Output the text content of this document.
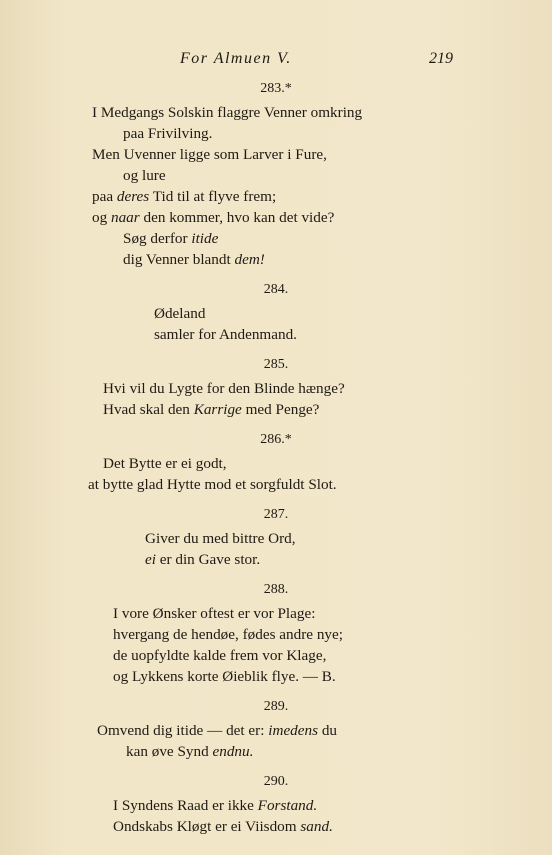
For Almuen V.	219
283.*
I Medgangs Solskin flaggre Venner omkring
paa Frivilving.
Men Uvenner ligge som Larver i Fure,
og lure
paa deres Tid til at flyve frem;
og naar den kommer, hvo kan det vide?
Søg derfor itide
dig Venner blandt dem!
284.
Ødeland
samler for Andenmand.
285.
Hvi vil du Lygte for den Blinde hænge?
Hvad skal den Karrige med Penge?
286.*
Det Bytte er ei godt,
at bytte glad Hytte mod et sorgfuldt Slot.
287.
Giver du med bittre Ord,
ei er din Gave stor.
288.
I vore Ønsker oftest er vor Plage:
hvergang de hendøe, fødes andre nye;
de uopfyldte kalde frem vor Klage,
og Lykkens korte Øieblik flye. — B.
289.
Omvend dig itide — det er: imedens du
kan øve Synd endnu.
290.
I Syndens Raad er ikke Forstand.
Ondskabs Kløgt er ei Viisdom sand.
